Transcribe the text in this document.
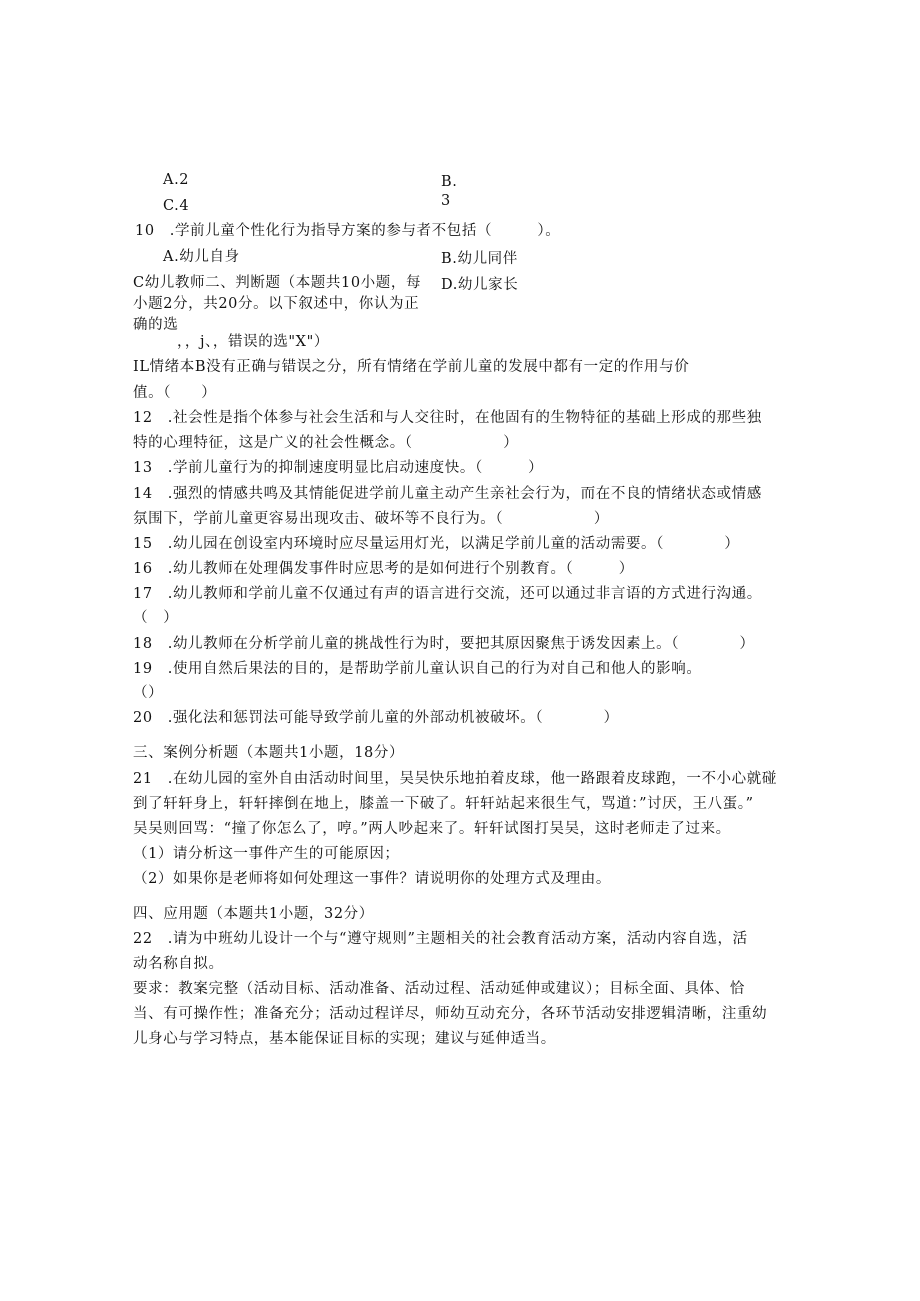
A.2	B.
3
C.4
10　.学前儿童个性化行为指导方案的参与者不包括（　　　）。
A.幼儿自身	B.幼儿同伴
C幼儿教师二、判断题（本题共10小题，每小题2分，共20分。以下叙述中，你认为正确的选
D.幼儿家长
，，j、，错误的选"X"）
IL情绪本B没有正确与错误之分，所有情绪在学前儿童的发展中都有一定的作用与价
值。（　　）
12　.社会性是指个体参与社会生活和与人交往时，在他固有的生物特征的基础上形成的那些独
特的心理特征，这是广义的社会性概念。（　　　　　　）
13　.学前儿童行为的抑制速度明显比启动速度快。（　　　）
14　.强烈的情感共鸣及其情能促进学前儿童主动产生亲社会行为，而在不良的情绪状态或情感
氛围下，学前儿童更容易出现攻击、破坏等不良行为。（　　　　　　）
15　.幼儿园在创设室内环境时应尽量运用灯光，以满足学前儿童的活动需要。（　　　　）
16　.幼儿教师在处理偶发事件时应思考的是如何进行个别教育。（　　　）
17　.幼儿教师和学前儿童不仅通过有声的语言进行交流，还可以通过非言语的方式进行沟通。
（　）
18　.幼儿教师在分析学前儿童的挑战性行为时，要把其原因聚焦于诱发因素上。（　　　　）
19　.使用自然后果法的目的，是帮助学前儿童认识自己的行为对自己和他人的影响。
（）
20　.强化法和惩罚法可能导致学前儿童的外部动机被破坏。（　　　　）
三、案例分析题（本题共1小题，18分）
21　.在幼儿园的室外自由活动时间里，吴吴快乐地拍着皮球，他一路跟着皮球跑，一不小心就碰
到了轩轩身上，轩轩摔倒在地上，膝盖一下破了。轩轩站起来很生气，骂道：”讨厌，王八蛋。”
吴吴则回骂：“撞了你怎么了，哼。”两人吵起来了。轩轩试图打吴吴，这时老师走了过来。
（1）请分析这一事件产生的可能原因；
（2）如果你是老师将如何处理这一事件？请说明你的处理方式及理由。
四、应用题（本题共1小题，32分）
22　.请为中班幼儿设计一个与“遵守规则”主题相关的社会教育活动方案，活动内容自选，活
动名称自拟。
要求：教案完整（活动目标、活动准备、活动过程、活动延伸或建议）；目标全面、具体、恰
当、有可操作性；准备充分；活动过程详尽，师幼互动充分，各环节活动安排逻辑清晰，注重幼
儿身心与学习特点，基本能保证目标的实现；建议与延伸适当。
